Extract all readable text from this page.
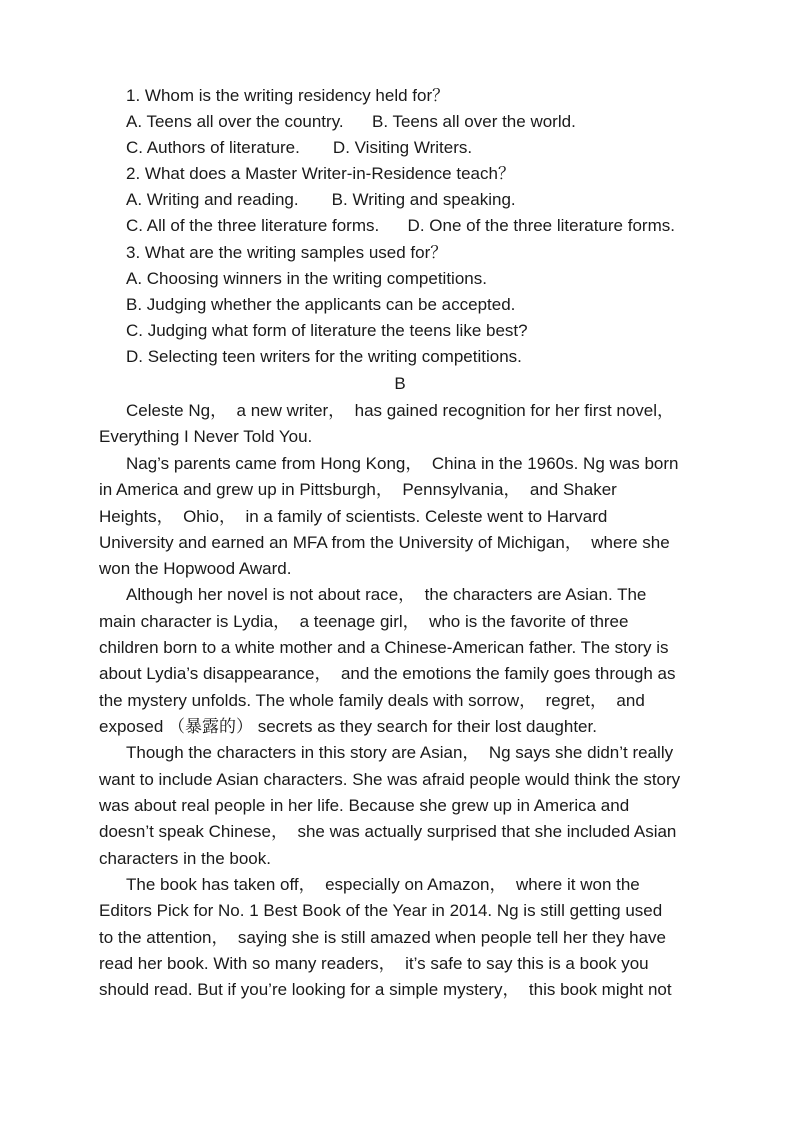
1. Whom is the writing residency held for？

A. Teens all over the country.      B. Teens all over the world.

C. Authors of literature.       D. Visiting Writers.

2. What does a Master Writer-in-Residence teach？

A. Writing and reading.       B. Writing and speaking.

C. All of the three literature forms.      D. One of the three literature forms.

3. What are the writing samples used for？

A. Choosing winners in the writing competitions.

B. Judging whether the applicants can be accepted.

C. Judging what form of literature the teens like best?

D. Selecting teen writers for the writing competitions.

B

Celeste Ng，  a new writer，  has gained recognition for her first novel，

Everything I Never Told You.

Nag’s parents came from Hong Kong，  China in the 1960s. Ng was born

in America and grew up in Pittsburgh，  Pennsylvania，  and Shaker

Heights，  Ohio，  in a family of scientists. Celeste went to Harvard

University and earned an MFA from the University of Michigan，  where she

won the Hopwood Award.

Although her novel is not about race，  the characters are Asian. The

main character is Lydia，  a teenage girl，  who is the favorite of three

children born to a white mother and a Chinese-American father. The story is

about Lydia’s disappearance，  and the emotions the family goes through as

the mystery unfolds. The whole family deals with sorrow，  regret，  and

exposed （暴露的） secrets as they search for their lost daughter.

Though the characters in this story are Asian，  Ng says she didn’t really

want to include Asian characters. She was afraid people would think the story

was about real people in her life. Because she grew up in America and

doesn’t speak Chinese，  she was actually surprised that she included Asian

characters in the book.

The book has taken off，  especially on Amazon，  where it won the

Editors Pick for No. 1 Best Book of the Year in 2014. Ng is still getting used

to the attention，  saying she is still amazed when people tell her they have

read her book. With so many readers，  it’s safe to say this is a book you

should read. But if you’re looking for a simple mystery，  this book might not
